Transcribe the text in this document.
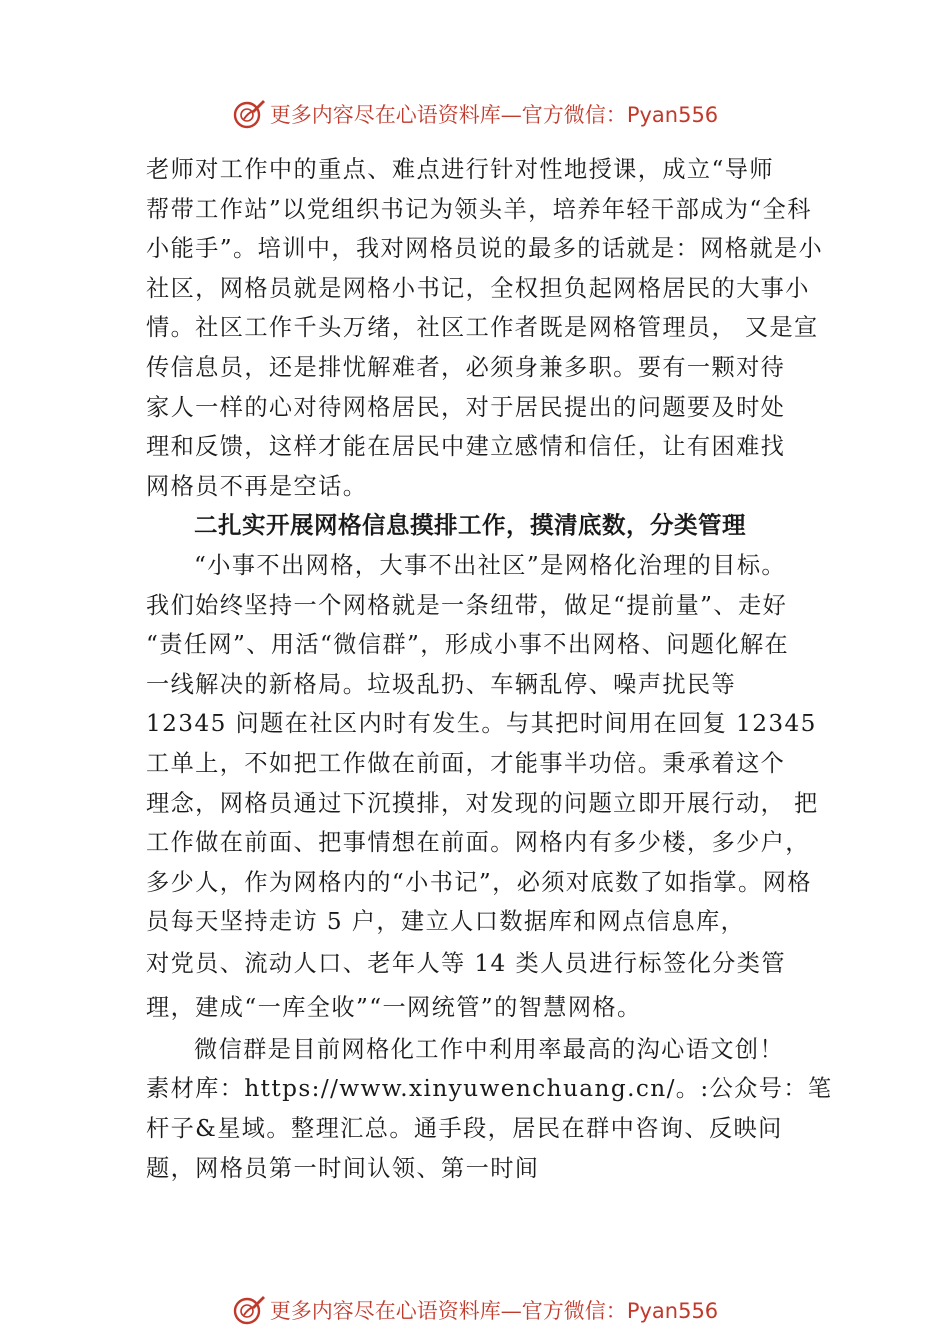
更多内容尽在心语资料库—官方微信：Pyan556
老师对工作中的重点、难点进行针对性地授课，成立“导师
帮带工作站”以党组织书记为领头羊，培养年轻干部成为“全科
小能手”。培训中，我对网格员说的最多的话就是：网格就是小
社区，网格员就是网格小书记，全权担负起网格居民的大事小
情。社区工作千头万绪，社区工作者既是网格管理员， 又是宣
传信息员，还是排忧解难者，必须身兼多职。要有一颗对待
家人一样的心对待网格居民，对于居民提出的问题要及时处
理和反馈，这样才能在居民中建立感情和信任，让有困难找
网格员不再是空话。
二扎实开展网格信息摸排工作，摸清底数，分类管理
“小事不出网格，大事不出社区”是网格化治理的目标。
我们始终坚持一个网格就是一条纽带，做足“提前量”、走好
“责任网”、用活“微信群”，形成小事不出网格、问题化解在
一线解决的新格局。垃圾乱扔、车辆乱停、噪声扰民等
12345 问题在社区内时有发生。与其把时间用在回复 12345
工单上，不如把工作做在前面，才能事半功倍。秉承着这个
理念，网格员通过下沉摸排，对发现的问题立即开展行动， 把
工作做在前面、把事情想在前面。网格内有多少楼，多少户，
多少人，作为网格内的“小书记”，必须对底数了如指掌。网格
员每天坚持走访 5 户，建立人口数据库和网点信息库，
对党员、流动人口、老年人等 14 类人员进行标签化分类管
理，建成“一库全收”“一网统管”的智慧网格。
微信群是目前网格化工作中利用率最高的沟心语文创！
素材库：https://www.xinyuwenchuang.cn/。:公众号：笔
杆子&星域。整理汇总。通手段，居民在群中咨询、反映问
题，网格员第一时间认领、第一时间
更多内容尽在心语资料库—官方微信：Pyan556
